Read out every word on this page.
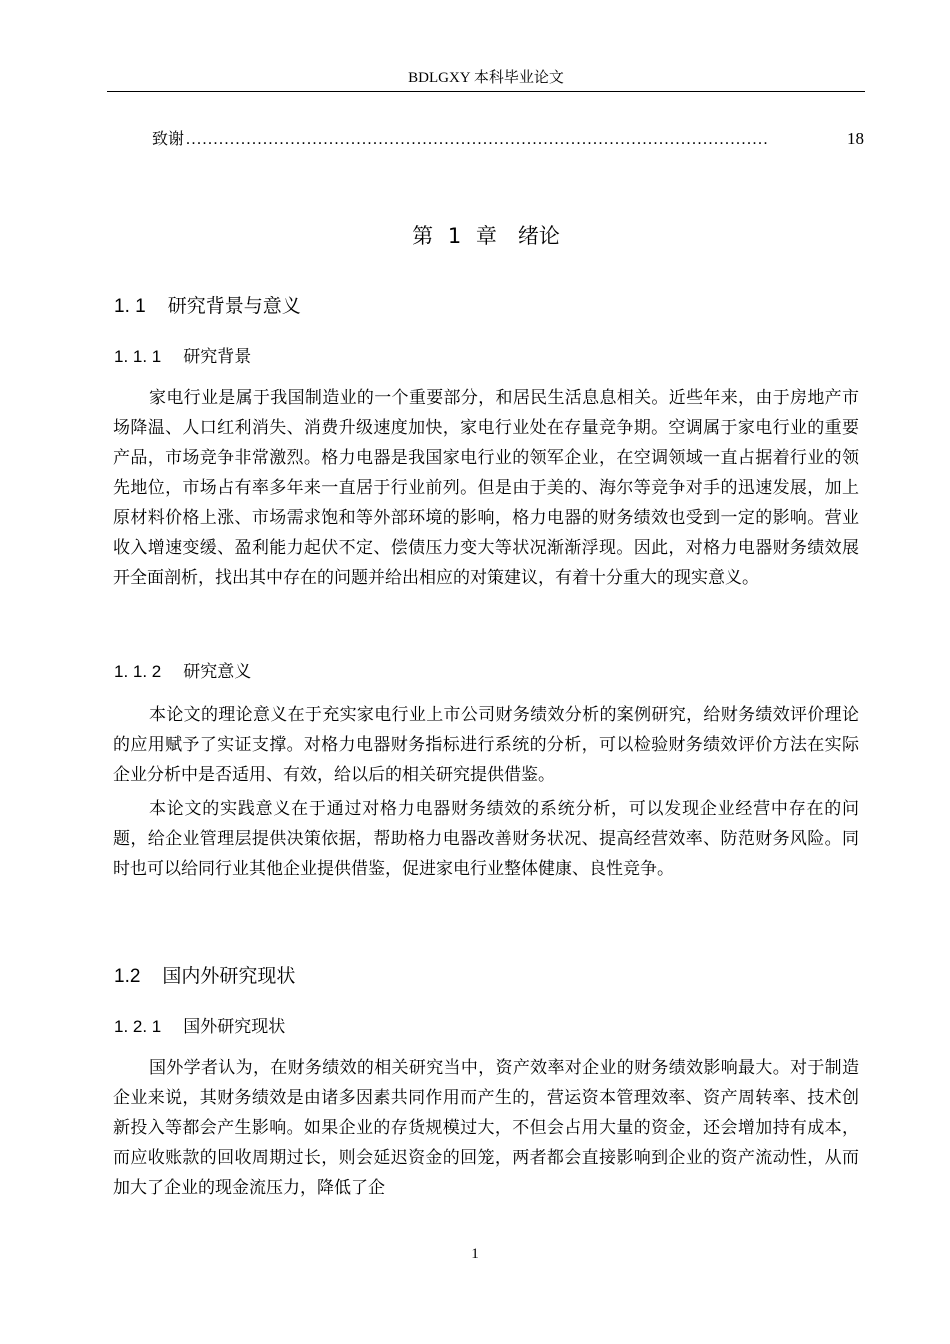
BDLGXY 本科毕业论文
致谢 ..........................................................................................................	18
第 1 章　绪论
1. 1 研究背景与意义
1. 1. 1 研究背景

家电行业是属于我国制造业的一个重要部分，和居民生活息息相关。近些年来，由于房地产市场降温、人口红利消失、消费升级速度加快，家电行业处在存量竞争期。空调属于家电行业的重要产品，市场竞争非常激烈。格力电器是我国家电行业的领军企业，在空调领域一直占据着行业的领先地位，市场占有率多年来一直居于行业前列。但是由于美的、海尔等竞争对手的迅速发展，加上原材料价格上涨、市场需求饱和等外部环境的影响，格力电器的财务绩效也受到一定的影响。营业收入增速变缓、盈利能力起伏不定、偿债压力变大等状况渐渐浮现。因此，对格力电器财务绩效展开全面剖析，找出其中存在的问题并给出相应的对策建议，有着十分重大的现实意义。

1. 1. 2 研究意义

本论文的理论意义在于充实家电行业上市公司财务绩效分析的案例研究，给财务绩效评价理论的应用赋予了实证支撑。对格力电器财务指标进行系统的分析，可以检验财务绩效评价方法在实际企业分析中是否适用、有效，给以后的相关研究提供借鉴。

本论文的实践意义在于通过对格力电器财务绩效的系统分析，可以发现企业经营中存在的问题，给企业管理层提供决策依据，帮助格力电器改善财务状况、提高经营效率、防范财务风险。同时也可以给同行业其他企业提供借鉴，促进家电行业整体健康、良性竞争。

1.2 国内外研究现状
1. 2. 1 国外研究现状

国外学者认为，在财务绩效的相关研究当中，资产效率对企业的财务绩效影响最大。对于制造企业来说，其财务绩效是由诸多因素共同作用而产生的，营运资本管理效率、资产周转率、技术创新投入等都会产生影响。如果企业的存货规模过大，不但会占用大量的资金，还会增加持有成本，而应收账款的回收周期过长，则会延迟资金的回笼，两者都会直接影响到企业的资产流动性，从而加大了企业的现金流压力，降低了企

1
